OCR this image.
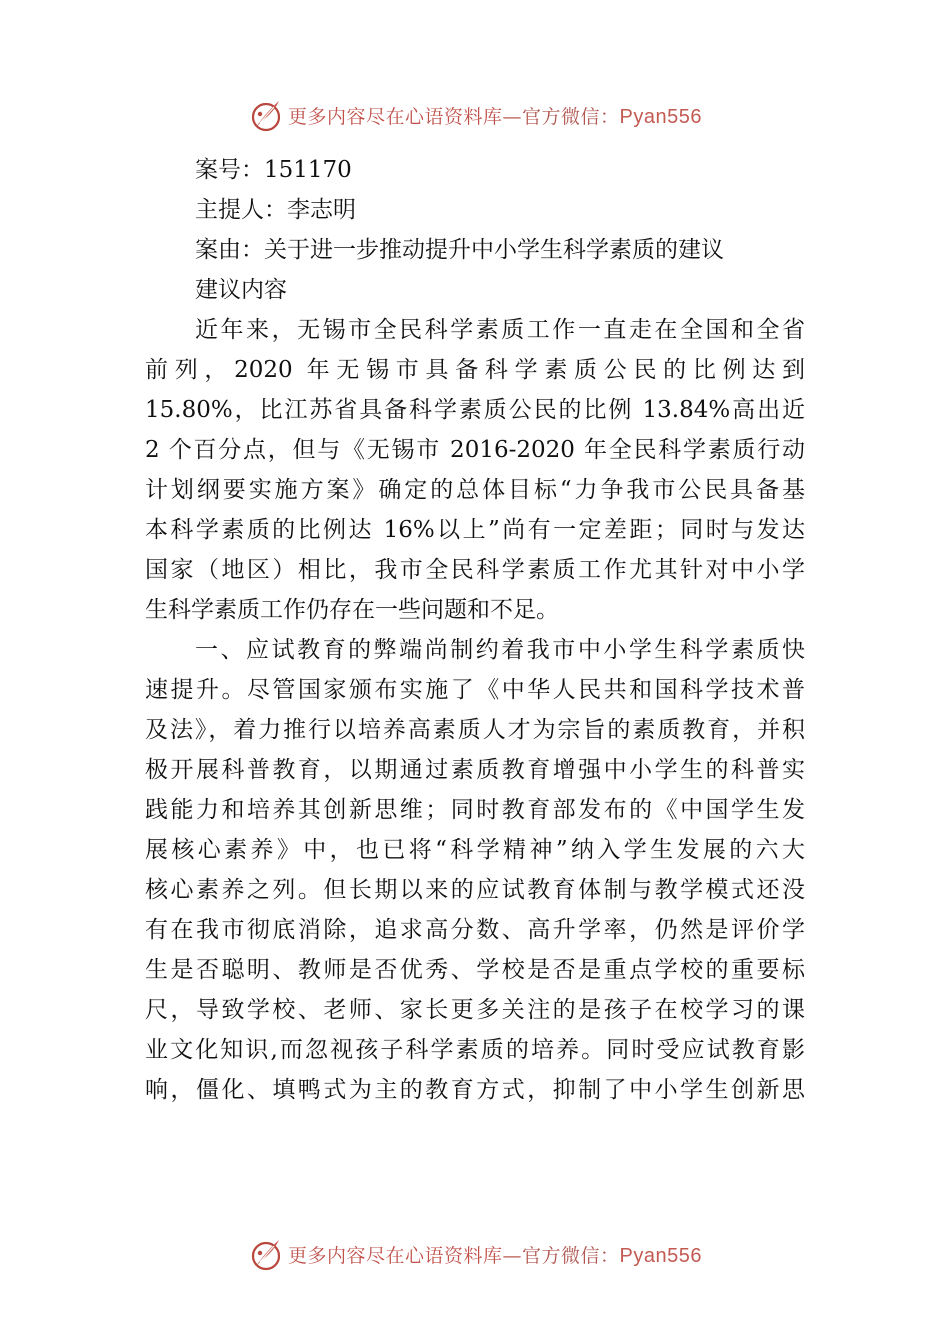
更多内容尽在心语资料库—官方微信：Pyan556
案号：151170
主提人：李志明
案由：关于进一步推动提升中小学生科学素质的建议
建议内容
近年来，无锡市全民科学素质工作一直走在全国和全省
前列，2020 年无锡市具备科学素质公民的比例达到
15.80%，比江苏省具备科学素质公民的比例 13.84%高出近
2 个百分点，但与《无锡市 2016-2020 年全民科学素质行动
计划纲要实施方案》确定的总体目标“力争我市公民具备基
本科学素质的比例达 16%以上”尚有一定差距；同时与发达
国家（地区）相比，我市全民科学素质工作尤其针对中小学
生科学素质工作仍存在一些问题和不足。
一、应试教育的弊端尚制约着我市中小学生科学素质快
速提升。尽管国家颁布实施了《中华人民共和国科学技术普
及法》，着力推行以培养高素质人才为宗旨的素质教育，并积
极开展科普教育，以期通过素质教育增强中小学生的科普实
践能力和培养其创新思维；同时教育部发布的《中国学生发
展核心素养》中，也已将“科学精神”纳入学生发展的六大
核心素养之列。但长期以来的应试教育体制与教学模式还没
有在我市彻底消除，追求高分数、高升学率，仍然是评价学
生是否聪明、教师是否优秀、学校是否是重点学校的重要标
尺，导致学校、老师、家长更多关注的是孩子在校学习的课
业文化知识,而忽视孩子科学素质的培养。同时受应试教育影
响，僵化、填鸭式为主的教育方式，抑制了中小学生创新思
更多内容尽在心语资料库—官方微信：Pyan556
